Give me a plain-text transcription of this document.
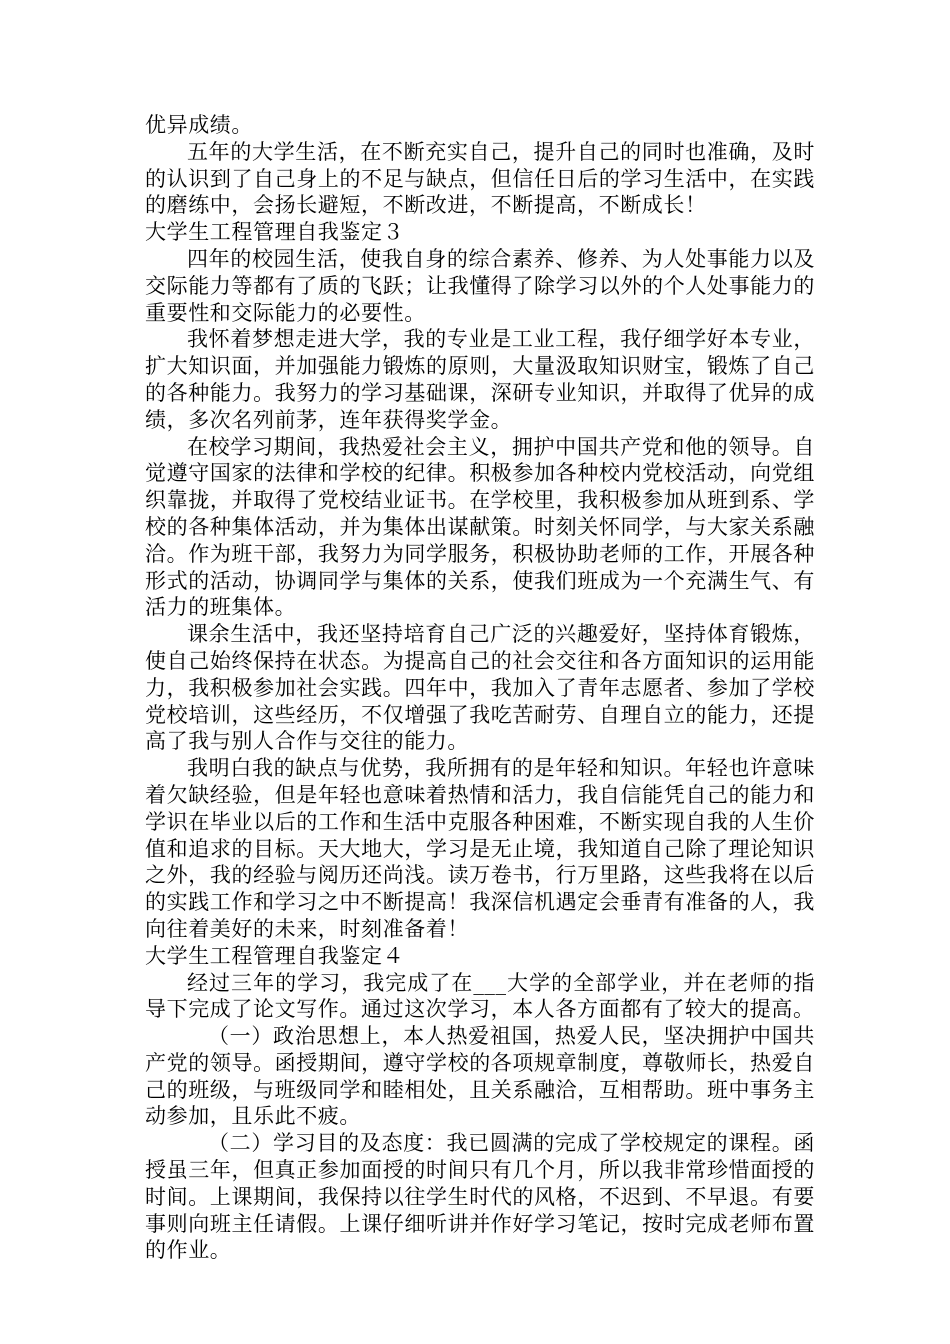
优异成绩。

五年的大学生活，在不断充实自己，提升自己的同时也准确，及时的认识到了自己身上的不足与缺点，但信任日后的学习生活中，在实践的磨练中，会扬长避短，不断改进，不断提高，不断成长！

大学生工程管理自我鉴定３

四年的校园生活，使我自身的综合素养、修养、为人处事能力以及交际能力等都有了质的飞跃；让我懂得了除学习以外的个人处事能力的重要性和交际能力的必要性。

我怀着梦想走进大学，我的专业是工业工程，我仔细学好本专业，扩大知识面，并加强能力锻炼的原则，大量汲取知识财宝，锻炼了自己的各种能力。我努力的学习基础课，深研专业知识，并取得了优异的成绩，多次名列前茅，连年获得奖学金。

在校学习期间，我热爱社会主义，拥护中国共产党和他的领导。自觉遵守国家的法律和学校的纪律。积极参加各种校内党校活动，向党组织靠拢，并取得了党校结业证书。在学校里，我积极参加从班到系、学校的各种集体活动，并为集体出谋献策。时刻关怀同学，与大家关系融洽。作为班干部，我努力为同学服务，积极协助老师的工作，开展各种形式的活动，协调同学与集体的关系，使我们班成为一个充满生气、有活力的班集体。

课余生活中，我还坚持培育自己广泛的兴趣爱好，坚持体育锻炼，使自己始终保持在状态。为提高自己的社会交往和各方面知识的运用能力，我积极参加社会实践。四年中，我加入了青年志愿者、参加了学校党校培训，这些经历，不仅增强了我吃苦耐劳、自理自立的能力，还提高了我与别人合作与交往的能力。

我明白我的缺点与优势，我所拥有的是年轻和知识。年轻也许意味着欠缺经验，但是年轻也意味着热情和活力，我自信能凭自己的能力和学识在毕业以后的工作和生活中克服各种困难，不断实现自我的人生价值和追求的目标。天大地大，学习是无止境，我知道自己除了理论知识之外，我的经验与阅历还尚浅。读万卷书，行万里路，这些我将在以后的实践工作和学习之中不断提高！我深信机遇定会垂青有准备的人，我向往着美好的未来，时刻准备着！

大学生工程管理自我鉴定４

经过三年的学习，我完成了在___大学的全部学业，并在老师的指导下完成了论文写作。通过这次学习，本人各方面都有了较大的提高。

（一）政治思想上，本人热爱祖国，热爱人民，坚决拥护中国共产党的领导。函授期间，遵守学校的各项规章制度，尊敬师长，热爱自己的班级，与班级同学和睦相处，且关系融洽，互相帮助。班中事务主动参加，且乐此不疲。

（二）学习目的及态度：我已圆满的完成了学校规定的课程。函授虽三年，但真正参加面授的时间只有几个月，所以我非常珍惜面授的时间。上课期间，我保持以往学生时代的风格，不迟到、不早退。有要事则向班主任请假。上课仔细听讲并作好学习笔记，按时完成老师布置的作业。
